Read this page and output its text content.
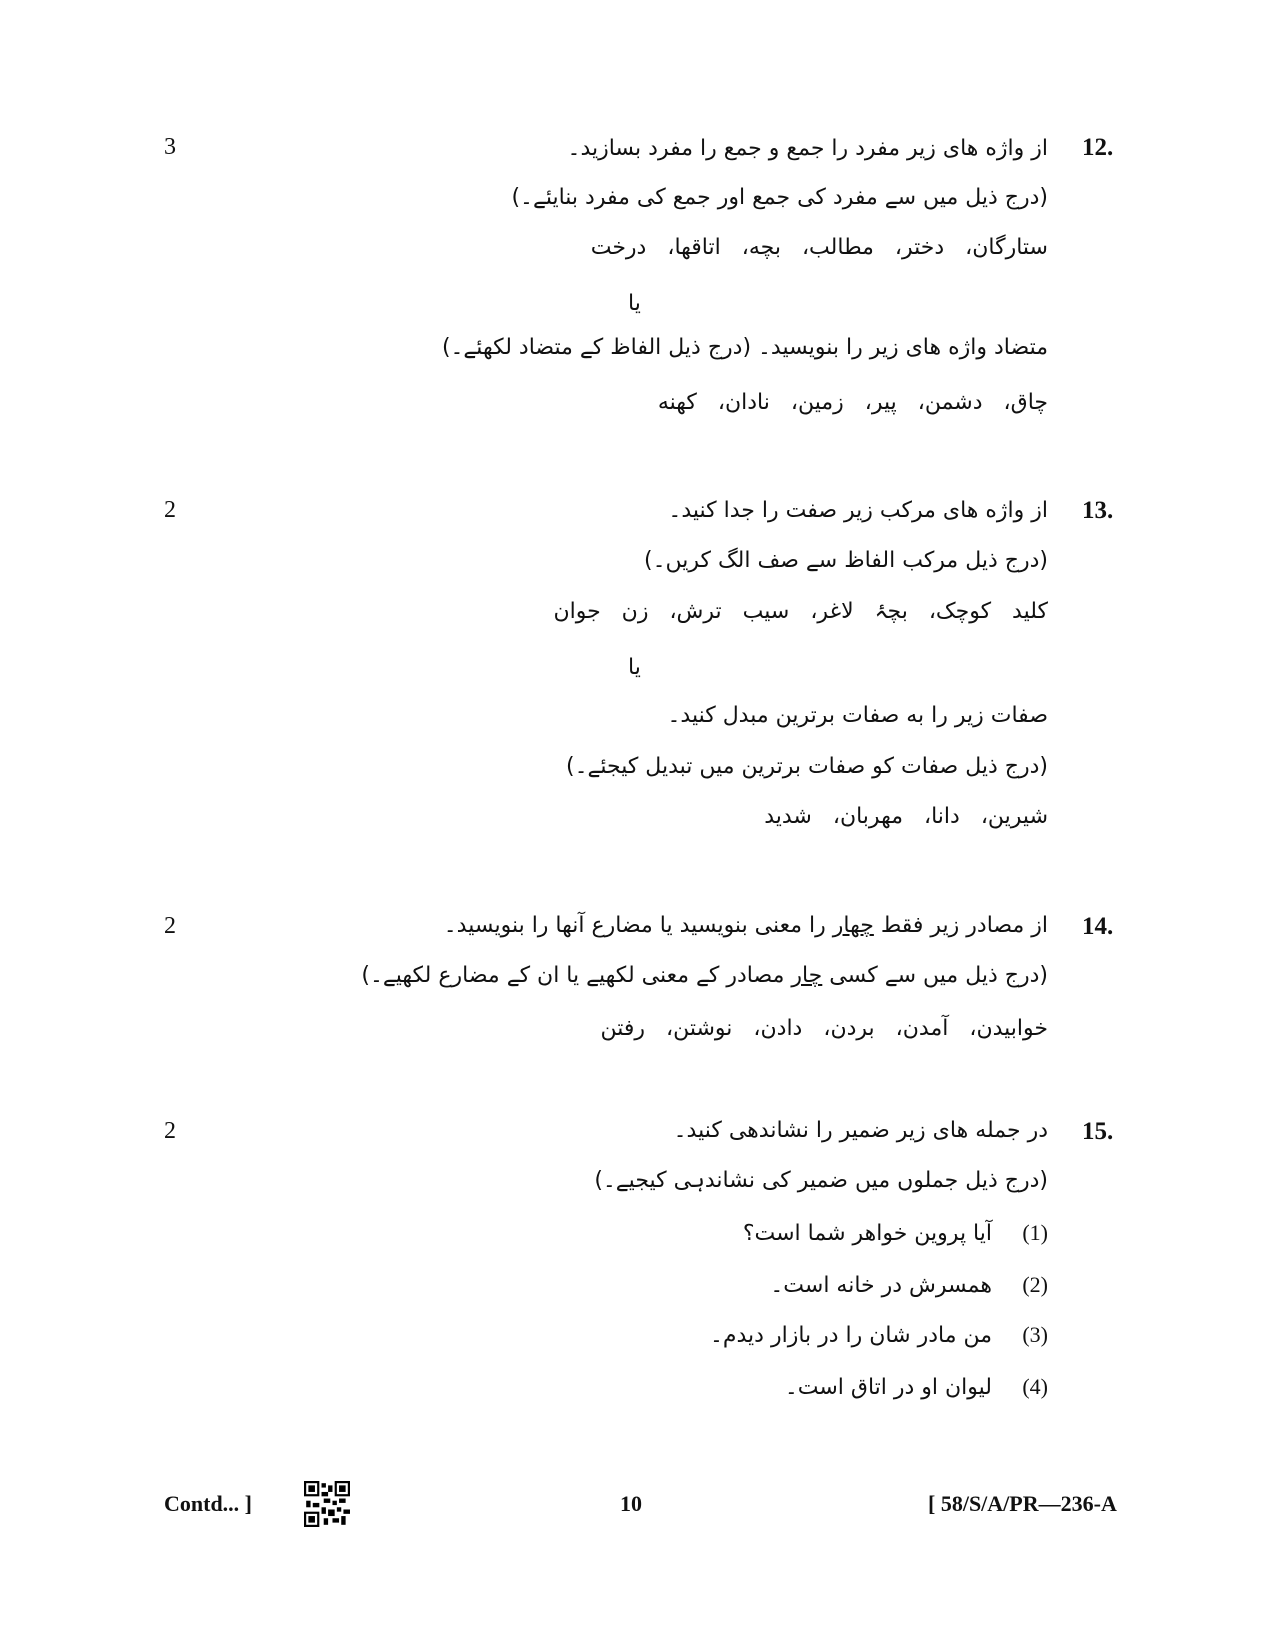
12.
3	از واژه های زیر مفرد را جمع و جمع را مفرد بسازید۔
(درج ذیل میں سے مفرد کی جمع اور جمع کی مفرد بنایئے۔)
ستارگان، دختر، مطالب، بچه، اتاقها، درخت
یا
متضاد واژه های زیر را بنویسید۔ (درج ذیل الفاظ کے متضاد لکھئے۔)
چاق، دشمن، پیر، زمین، نادان، کهنه
13.
2	از واژه های مرکب زیر صفت را جدا کنید۔
(درج ذیل مرکب الفاظ سے صف الگ کریں۔)
کلید کوچک، بچۂ لاغر، سیب ترش، زن جوان
یا
صفات زیر را به صفات برترین مبدل کنید۔
(درج ذیل صفات کو صفات برترین میں تبدیل کیجئے۔)
شیرین، دانا، مهربان، شدید
14.
2	از مصادر زیر فقط چهار را معنی بنویسید یا مضارع آنها را بنویسید۔
(درج ذیل میں سے کسی چار مصادر کے معنی لکھیے یا ان کے مضارع لکھیے۔)
خوابیدن، آمدن، بردن، دادن، نوشتن، رفتن
15.
2	در جمله های زیر ضمیر را نشاندهی کنید۔
(درج ذیل جملوں میں ضمیر کی نشاندہی کیجیے۔)
(1)آیا پروین خواهر شما است؟
(2)همسرش در خانه است۔
(3)من مادر شان را در بازار دیدم۔
(4)لیوان او در اتاق است۔
Contd... ]	10	[ 58/S/A/PR—236-A
